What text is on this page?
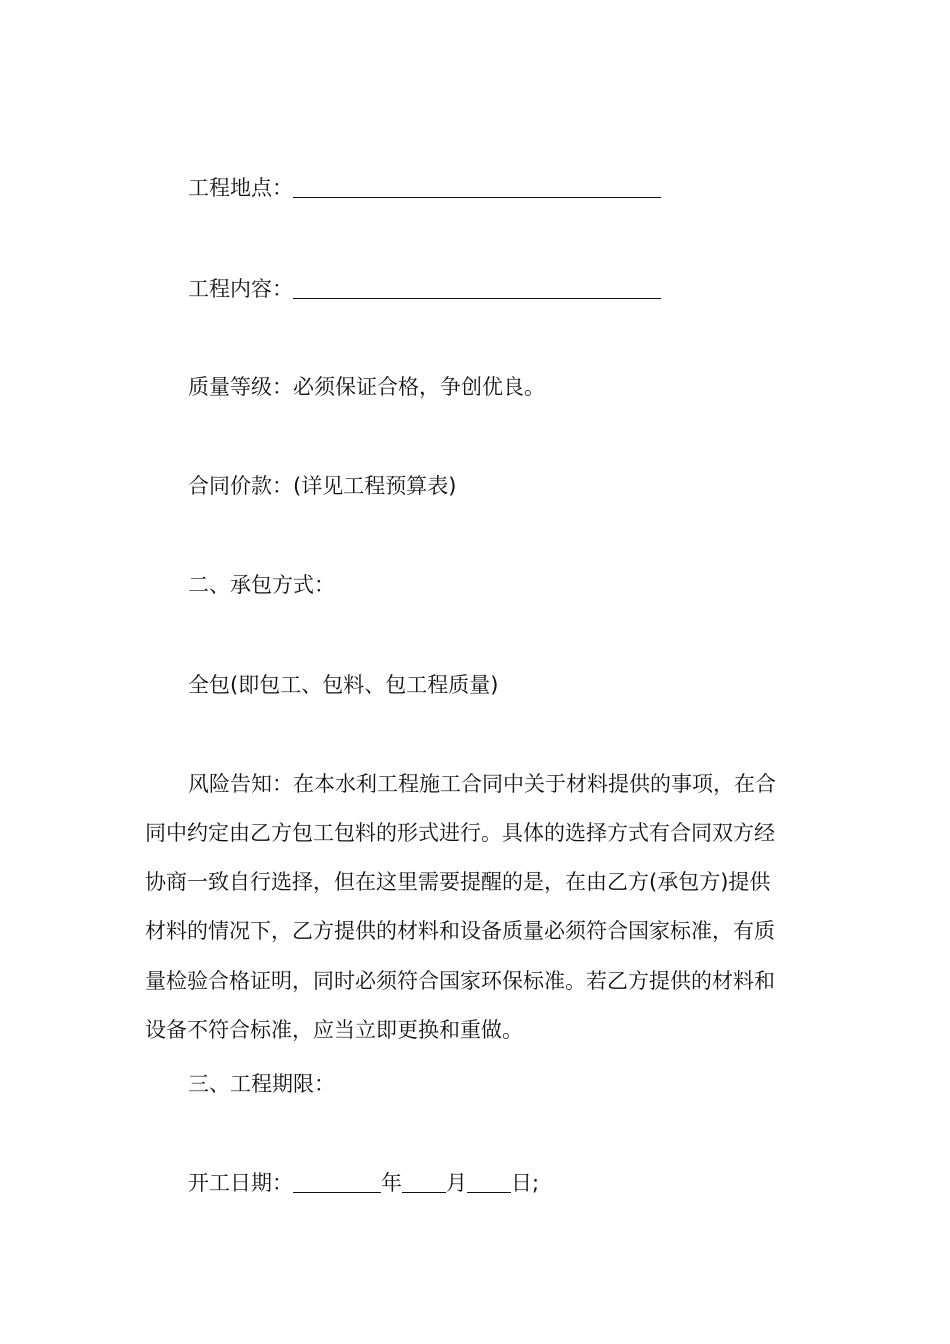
工程地点：
工程内容：
质量等级：必须保证合格，争创优良。
合同价款：(详见工程预算表)
二、承包方式：
全包(即包工、包料、包工程质量)
风险告知：在本水利工程施工合同中关于材料提供的事项，在合
同中约定由乙方包工包料的形式进行。具体的选择方式有合同双方经
协商一致自行选择，但在这里需要提醒的是，在由乙方(承包方)提供
材料的情况下，乙方提供的材料和设备质量必须符合国家标准，有质
量检验合格证明，同时必须符合国家环保标准。若乙方提供的材料和
设备不符合标准，应当立即更换和重做。
三、工程期限：
开工日期：	年 月 日;
